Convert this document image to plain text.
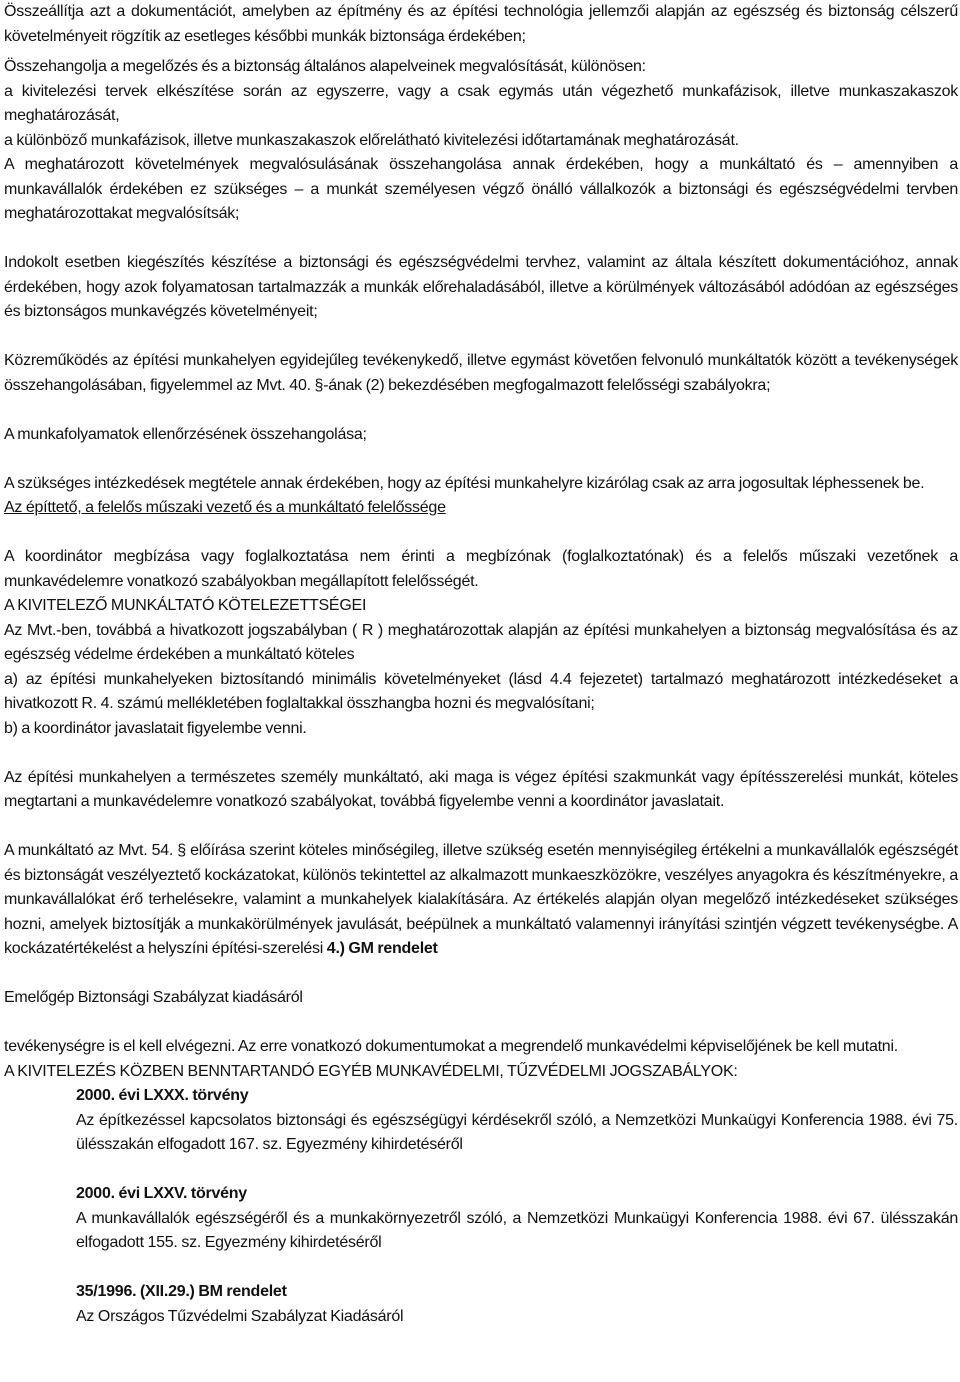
Összeállítja azt a dokumentációt, amelyben az építmény és az építési technológia jellemzői alapján az egészség és biztonság célszerű követelményeit rögzítik az esetleges későbbi munkák biztonsága érdekében;

Összehangolja a megelőzés és a biztonság általános alapelveinek megvalósítását, különösen:

a kivitelezési tervek elkészítése során az egyszerre, vagy a csak egymás után végezhető munkafázisok, illetve munkaszakaszok meghatározását,

a különböző munkafázisok, illetve munkaszakaszok előrelátható kivitelezési időtartamának meghatározását.

A meghatározott követelmények megvalósulásának összehangolása annak érdekében, hogy a munkáltató és – amennyiben a munkavállalók érdekében ez szükséges – a munkát személyesen végző önálló vállalkozók a biztonsági és egészségvédelmi tervben meghatározottakat megvalósítsák;

Indokolt esetben kiegészítés készítése a biztonsági és egészségvédelmi tervhez, valamint az általa készített dokumentációhoz, annak érdekében, hogy azok folyamatosan tartalmazzák a munkák előrehaladásából, illetve a körülmények változásából adódóan az egészséges és biztonságos munkavégzés követelményeit;

Közreműködés az építési munkahelyen egyidejűleg tevékenykedő, illetve egymást követően felvonuló munkáltatók között a tevékenységek összehangolásában, figyelemmel az Mvt. 40. §-ának (2) bekezdésében megfogalmazott felelősségi szabályokra;

A munkafolyamatok ellenőrzésének összehangolása;

A szükséges intézkedések megtétele annak érdekében, hogy az építési munkahelyre kizárólag csak az arra jogosultak léphessenek be.

Az építtető, a felelős műszaki vezető és a munkáltató felelőssége

A koordinátor megbízása vagy foglalkoztatása nem érinti a megbízónak (foglalkoztatónak) és a felelős műszaki vezetőnek a munkavédelemre vonatkozó szabályokban megállapított felelősségét.

A KIVITELEZŐ MUNKÁLTATÓ KÖTELEZETTSÉGEI

Az Mvt.-ben, továbbá a hivatkozott jogszabályban ( R ) meghatározottak alapján az építési munkahelyen a biztonság megvalósítása és az egészség védelme érdekében a munkáltató köteles

a) az építési munkahelyeken biztosítandó minimális követelményeket (lásd 4.4 fejezetet) tartalmazó meghatározott intézkedéseket a hivatkozott R. 4. számú mellékletében foglaltakkal összhangba hozni és megvalósítani;

b) a koordinátor javaslatait figyelembe venni.

Az építési munkahelyen a természetes személy munkáltató, aki maga is végez építési szakmunkát vagy építésszerelési munkát, köteles megtartani a munkavédelemre vonatkozó szabályokat, továbbá figyelembe venni a koordinátor javaslatait.

A munkáltató az Mvt. 54. § előírása szerint köteles minőségileg, illetve szükség esetén mennyiségileg értékelni a munkavállalók egészségét és biztonságát veszélyeztető kockázatokat, különös tekintettel az alkalmazott munkaeszközökre, veszélyes anyagokra és készítményekre, a munkavállalókat érő terhelésekre, valamint a munkahelyek kialakítására. Az értékelés alapján olyan megelőző intézkedéseket szükséges hozni, amelyek biztosítják a munkakörülmények javulását, beépülnek a munkáltató valamennyi irányítási szintjén végzett tevékenységbe. A kockázatértékelést a helyszíni építési-szerelési 4.) GM rendelet

Emelőgép Biztonsági Szabályzat kiadásáról

tevékenységre is el kell elvégezni. Az erre vonatkozó dokumentumokat a megrendelő munkavédelmi képviselőjének be kell mutatni.

A KIVITELEZÉS KÖZBEN BENNTARTANDÓ EGYÉB MUNKAVÉDELMI, TŰZVÉDELMI JOGSZABÁLYOK:

2000. évi LXXX. törvény

Az építkezéssel kapcsolatos biztonsági és egészségügyi kérdésekről szóló, a Nemzetközi Munkaügyi Konferencia 1988. évi 75. ülésszakán elfogadott 167. sz. Egyezmény kihirdetéséről

2000. évi LXXV. törvény

A munkavállalók egészségéről és a munkakörnyezetről szóló, a Nemzetközi Munkaügyi Konferencia 1988. évi 67. ülésszakán elfogadott 155. sz. Egyezmény kihirdetéséről

35/1996. (XII.29.) BM rendelet

Az Országos Tűzvédelmi Szabályzat Kiadásáról
